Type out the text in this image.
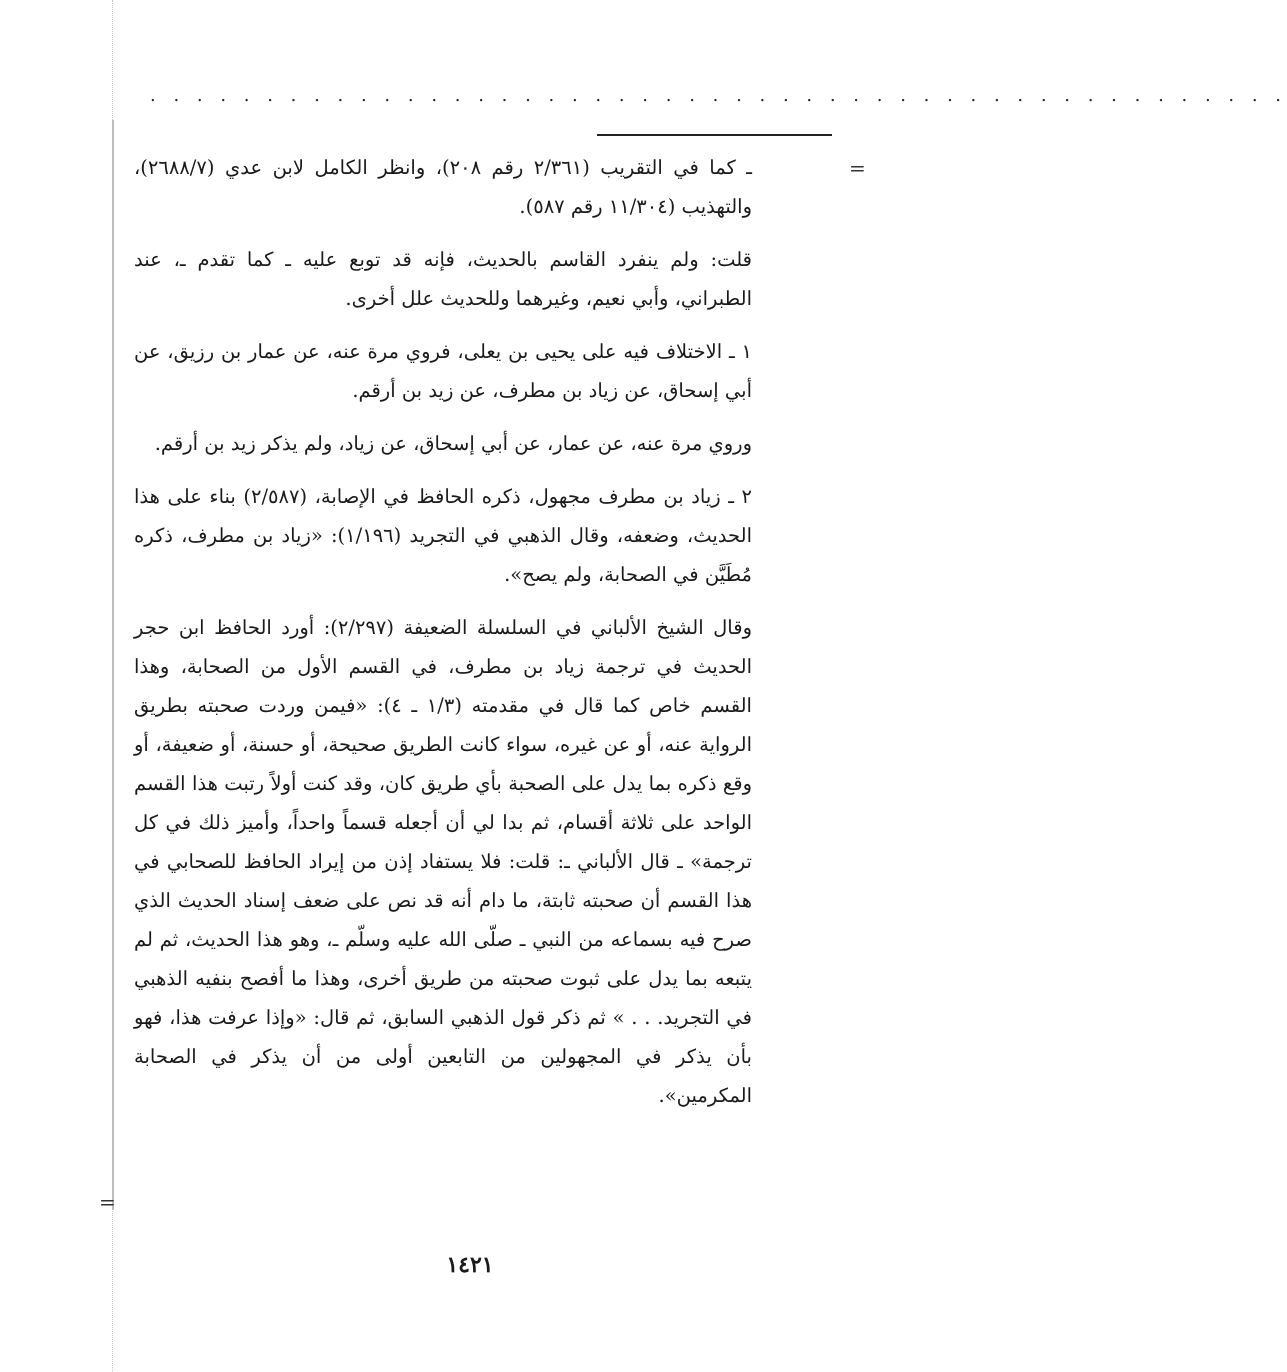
. . . . . . . . . . . . . . . . . . . . . . . . . . . . . . . . . . . . . . . . . . . . . . . . .
=
=

ـ كما في التقريب (٢/٣٦١ رقم ٢٠٨)، وانظر الكامل لابن عدي (٢٦٨٨/٧)، والتهذيب (١١/٣٠٤ رقم ٥٨٧).

قلت: ولم ينفرد القاسم بالحديث، فإنه قد توبع عليه ـ كما تقدم ـ، عند الطبراني، وأبي نعيم، وغيرهما وللحديث علل أخرى.

١ ـ الاختلاف فيه على يحيى بن يعلى، فروي مرة عنه، عن عمار بن رزيق، عن أبي إسحاق، عن زياد بن مطرف، عن زيد بن أرقم.

وروي مرة عنه، عن عمار، عن أبي إسحاق، عن زياد، ولم يذكر زيد بن أرقم.

٢ ـ زياد بن مطرف مجهول، ذكره الحافظ في الإصابة، (٢/٥٨٧) بناء على هذا الحديث، وضعفه، وقال الذهبي في التجريد (١/١٩٦): «زياد بن مطرف، ذكره مُطَيَّن في الصحابة، ولم يصح».

وقال الشيخ الألباني في السلسلة الضعيفة (٢/٢٩٧): أورد الحافظ ابن حجر الحديث في ترجمة زياد بن مطرف، في القسم الأول من الصحابة، وهذا القسم خاص كما قال في مقدمته (١/٣ ـ ٤): «فيمن وردت صحبته بطريق الرواية عنه، أو عن غيره، سواء كانت الطريق صحيحة، أو حسنة، أو ضعيفة، أو وقع ذكره بما يدل على الصحبة بأي طريق كان، وقد كنت أولاً رتبت هذا القسم الواحد على ثلاثة أقسام، ثم بدا لي أن أجعله قسماً واحداً، وأميز ذلك في كل ترجمة» ـ قال الألباني ـ: قلت: فلا يستفاد إذن من إيراد الحافظ للصحابي في هذا القسم أن صحبته ثابتة، ما دام أنه قد نص على ضعف إسناد الحديث الذي صرح فيه بسماعه من النبي ـ صلّى الله عليه وسلّم ـ، وهو هذا الحديث، ثم لم يتبعه بما يدل على ثبوت صحبته من طريق أخرى، وهذا ما أفصح بنفيه الذهبي في التجريد. . . » ثم ذكر قول الذهبي السابق، ثم قال: «وإذا عرفت هذا، فهو بأن يذكر في المجهولين من التابعين أولى من أن يذكر في الصحابة المكرمين».

١٤٢١
